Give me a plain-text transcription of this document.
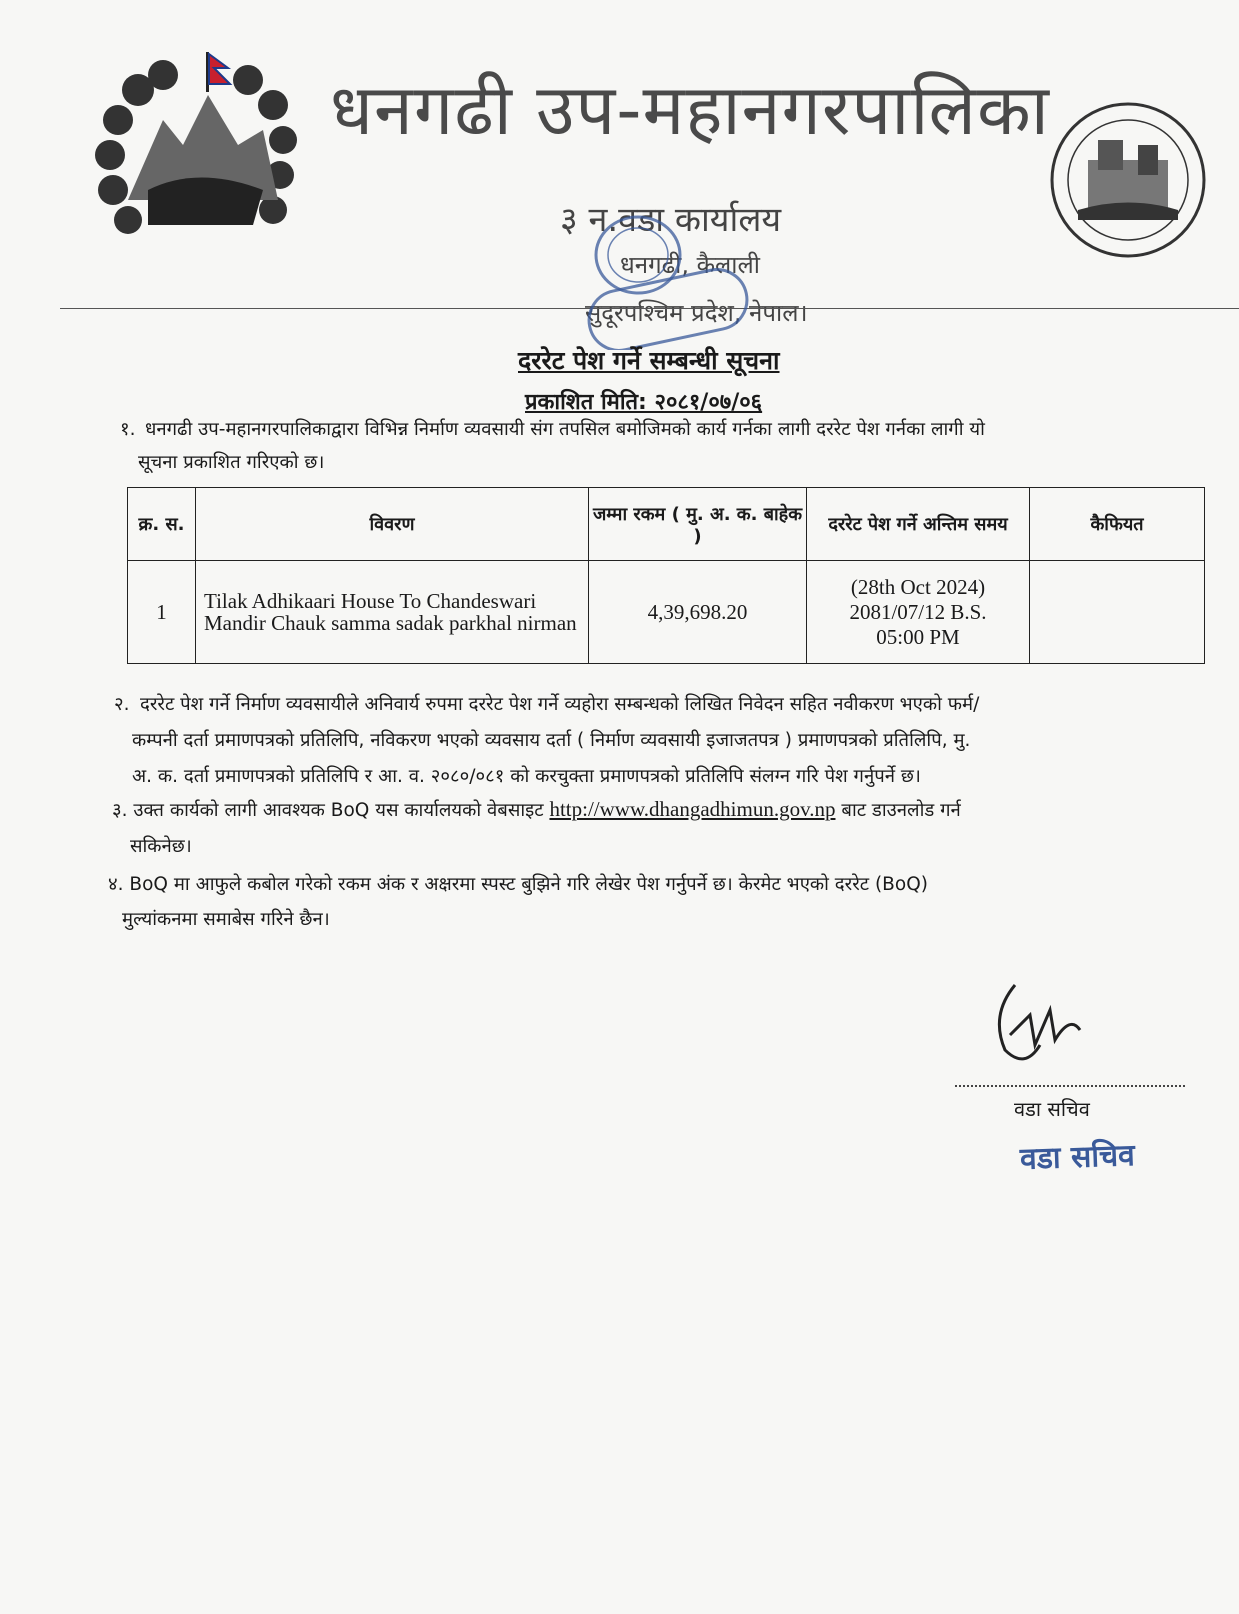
धनगढी उप-महानगरपालिका
३ न.वडा कार्यालय
धनगढी, कैलाली
सुदूरपश्चिम प्रदेश, नेपाल।
दररेट पेश गर्ने सम्बन्धी सूचना
प्रकाशित मिति: २०८१/०७/०६
१. धनगढी उप-महानगरपालिकाद्वारा विभिन्न निर्माण व्यवसायी संग तपसिल बमोजिमको कार्य गर्नका लागी दररेट पेश गर्नका लागी यो
सूचना प्रकाशित गरिएको छ।
क्र. स.	विवरण	जम्मा रकम ( मु. अ. क. बाहेक )	दररेट पेश गर्ने अन्तिम समय	कैफियत
1	Tilak Adhikaari House To Chandeswari Mandir Chauk samma sadak parkhal nirman	4,39,698.20	(28th Oct 2024)
2081/07/12 B.S.
05:00 PM	

२. दररेट पेश गर्ने निर्माण व्यवसायीले अनिवार्य रुपमा दररेट पेश गर्ने व्यहोरा सम्बन्धको लिखित निवेदन सहित नवीकरण भएको फर्म/
कम्पनी दर्ता प्रमाणपत्रको प्रतिलिपि, नविकरण भएको व्यवसाय दर्ता ( निर्माण व्यवसायी इजाजतपत्र ) प्रमाणपत्रको प्रतिलिपि, मु.
अ. क. दर्ता प्रमाणपत्रको प्रतिलिपि र आ. व. २०८०/०८१ को करचुक्ता प्रमाणपत्रको प्रतिलिपि संलग्न गरि पेश गर्नुपर्ने छ।
३. उक्त कार्यको लागी आवश्यक BoQ यस कार्यालयको वेबसाइट http://www.dhangadhimun.gov.np बाट डाउनलोड गर्न
सकिनेछ।
४. BoQ मा आफुले कबोल गरेको रकम अंक र अक्षरमा स्पस्ट बुझिने गरि लेखेर पेश गर्नुपर्ने छ। केरमेट भएको दररेट (BoQ)
मुल्यांकनमा समाबेस गरिने छैन।
वडा सचिव
वडा सचिव
